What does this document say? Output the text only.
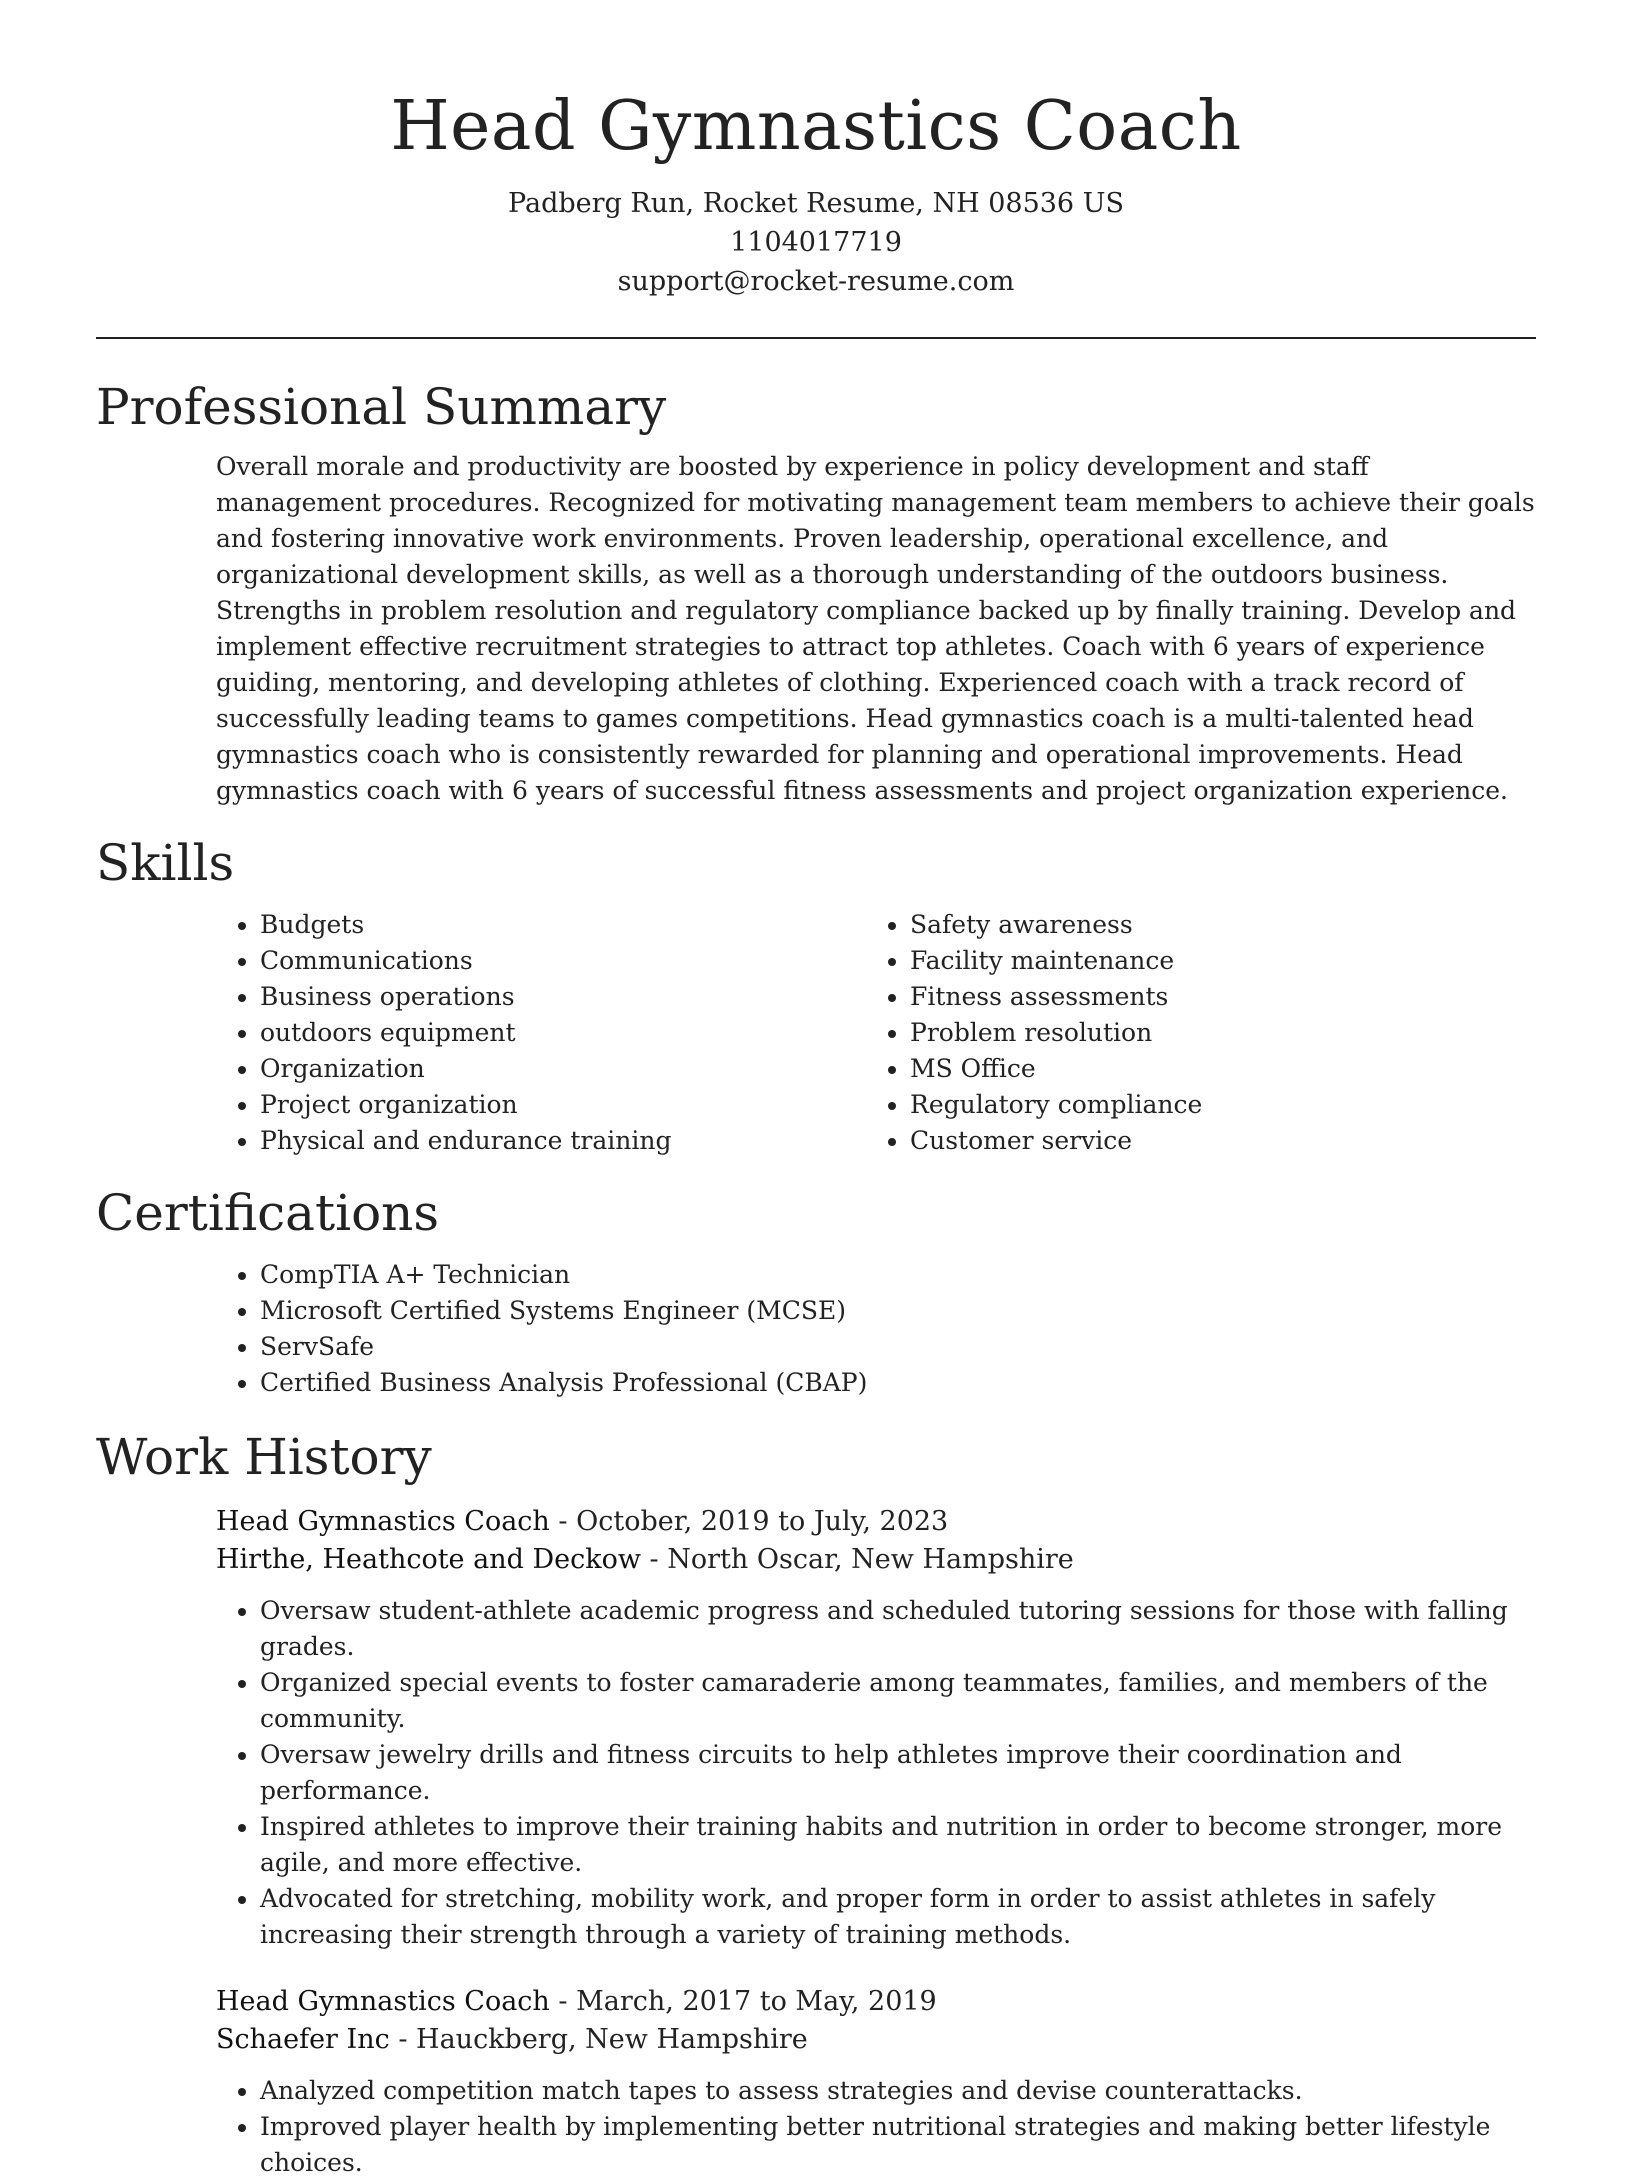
Head Gymnastics Coach

Padberg Run, Rocket Resume, NH 08536 US

1104017719

support@rocket-resume.com

Professional Summary

Overall morale and productivity are boosted by experience in policy development and staff management procedures. Recognized for motivating management team members to achieve their goals and fostering innovative work environments. Proven leadership, operational excellence, and organizational development skills, as well as a thorough understanding of the outdoors business. Strengths in problem resolution and regulatory compliance backed up by finally training. Develop and implement effective recruitment strategies to attract top athletes. Coach with 6 years of experience guiding, mentoring, and developing athletes of clothing. Experienced coach with a track record of successfully leading teams to games competitions. Head gymnastics coach is a multi-talented head gymnastics coach who is consistently rewarded for planning and operational improvements. Head gymnastics coach with 6 years of successful fitness assessments and project organization experience.

Skills
• Budgets
• Communications
• Business operations
• outdoors equipment
• Organization
• Project organization
• Physical and endurance training
• Safety awareness
• Facility maintenance
• Fitness assessments
• Problem resolution
• MS Office
• Regulatory compliance
• Customer service
Certifications
• CompTIA A+ Technician
• Microsoft Certified Systems Engineer (MCSE)
• ServSafe
• Certified Business Analysis Professional (CBAP)
Work History

Head Gymnastics Coach - October, 2019 to July, 2023

Hirthe, Heathcote and Deckow - North Oscar, New Hampshire

• Oversaw student-athlete academic progress and scheduled tutoring sessions for those with falling grades.
• Organized special events to foster camaraderie among teammates, families, and members of the community.
• Oversaw jewelry drills and fitness circuits to help athletes improve their coordination and performance.
• Inspired athletes to improve their training habits and nutrition in order to become stronger, more agile, and more effective.
• Advocated for stretching, mobility work, and proper form in order to assist athletes in safely increasing their strength through a variety of training methods.

Head Gymnastics Coach - March, 2017 to May, 2019

Schaefer Inc - Hauckberg, New Hampshire

• Analyzed competition match tapes to assess strategies and devise counterattacks.
• Improved player health by implementing better nutritional strategies and making better lifestyle choices.
